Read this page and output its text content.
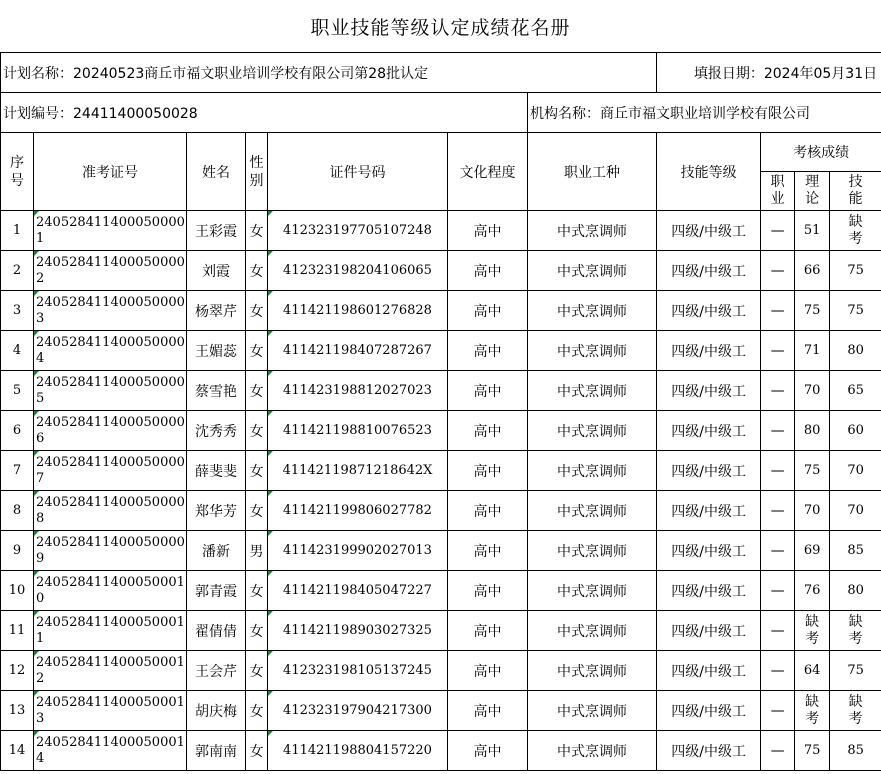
职业技能等级认定成绩花名册
计划名称：20240523商丘市福文职业培训学校有限公司第28批认定							填报日期：2024年05月31日			
计划编号：24411400050028						机构名称：商丘市福文职业培训学校有限公司				
序号	准考证号	姓名	性别	证件号码	文化程度	职业工种	技能等级	考核成绩		
								职业	理论	技能
1	2405284114000500001	王彩霞	女	412323197705107248	高中	中式烹调师	四级/中级工	—	51	缺考
2	2405284114000500002	刘霞	女	412323198204106065	高中	中式烹调师	四级/中级工	—	66	75
3	2405284114000500003	杨翠芹	女	411421198601276828	高中	中式烹调师	四级/中级工	—	75	75
4	2405284114000500004	王媚蕊	女	411421198407287267	高中	中式烹调师	四级/中级工	—	71	80
5	2405284114000500005	蔡雪艳	女	411423198812027023	高中	中式烹调师	四级/中级工	—	70	65
6	2405284114000500006	沈秀秀	女	411421198810076523	高中	中式烹调师	四级/中级工	—	80	60
7	2405284114000500007	薛斐斐	女	41142119871218642X	高中	中式烹调师	四级/中级工	—	75	70
8	2405284114000500008	郑华芳	女	411421199806027782	高中	中式烹调师	四级/中级工	—	70	70
9	2405284114000500009	潘新	男	411423199902027013	高中	中式烹调师	四级/中级工	—	69	85
10	2405284114000500010	郭青霞	女	411421198405047227	高中	中式烹调师	四级/中级工	—	76	80
11	2405284114000500011	翟倩倩	女	411421198903027325	高中	中式烹调师	四级/中级工	—	缺考	缺考
12	2405284114000500012	王会芹	女	412323198105137245	高中	中式烹调师	四级/中级工	—	64	75
13	2405284114000500013	胡庆梅	女	412323197904217300	高中	中式烹调师	四级/中级工	—	缺考	缺考
14	2405284114000500014	郭南南	女	411421198804157220	高中	中式烹调师	四级/中级工	—	75	85
